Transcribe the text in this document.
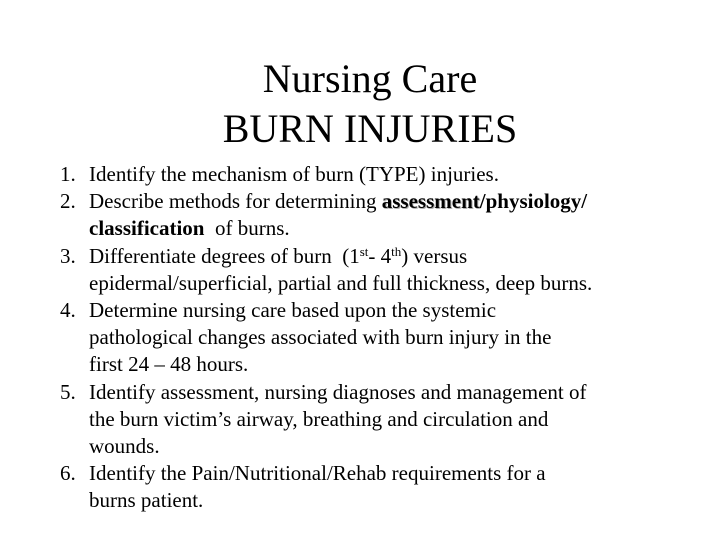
Nursing Care
BURN INJURIES
1. Identify the mechanism of burn (TYPE) injuries.
2. Describe methods for determining assessment/physiology/
classification  of burns.
3. Differentiate degrees of burn  (1st- 4th) versus
epidermal/superficial, partial and full thickness, deep burns.
4. Determine nursing care based upon the systemic
pathological changes associated with burn injury in the
first 24 – 48 hours.
5. Identify assessment, nursing diagnoses and management of
the burn victim’s airway, breathing and circulation and
wounds.
6. Identify the Pain/Nutritional/Rehab requirements for a
burns patient.
